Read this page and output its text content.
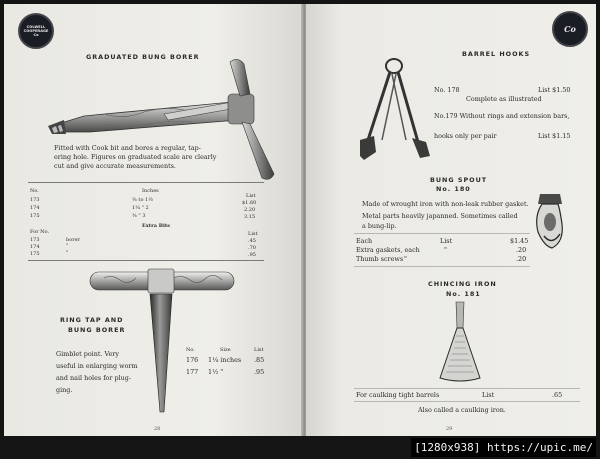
COLWELL
COOPERAGE
Co
GRADUATED BUNG BORER
Fitted with Cook bit and bores a regular, tap-
ering hole. Figures on graduated scale are clearly
cut and give accurate measurements.
No.	Inches
List
173	⅜ to 1½	$1.60
174	1¼ " 2	2.20
175	⅜ " 3	3.15
Extra Bits
For No.	List
173	borer	.45
174	"	.70
175	"	.95
RING TAP AND
BUNG BORER
Gimblet point. Very
useful in enlarging worm
and nail holes for plug-
ging.
No.	Size	List
176 1¼ inches .85
177 1½ "	.95
28
Co
BARREL HOOKS
No. 178	List $1.50
Complete as illustrated
No.179 Without rings and extension bars,
hooks only per pair	List $1.15
BUNG SPOUT
No. 180
Made of wrought iron with non-leak rubber gasket.
Metal parts heavily japanned. Sometimes called
a bung-lip.
Each	List	$1.45
Extra gaskets, each	"	.20
Thumb screws "	.20
CHINCING IRON
No. 181
For caulking tight barrels	List	.65
Also called a caulking iron.
29
[1280x938] https://upic.me/
